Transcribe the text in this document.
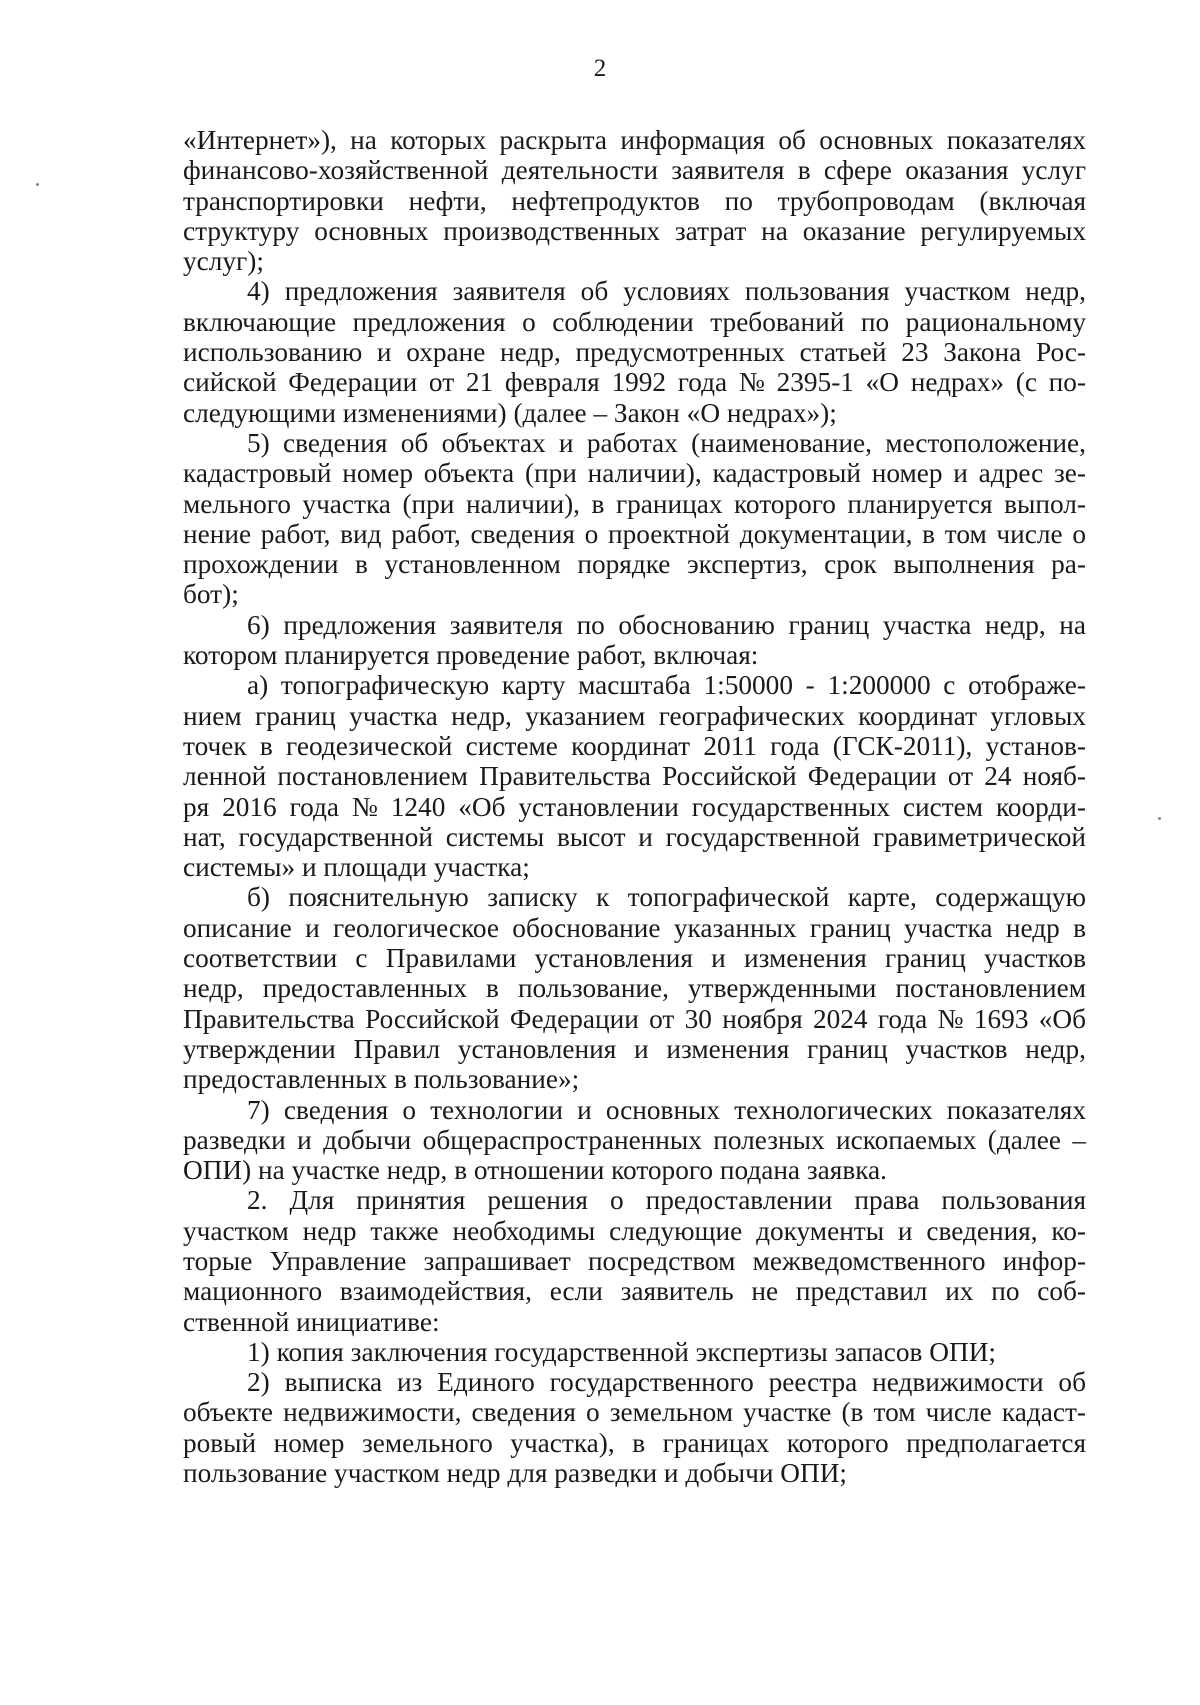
2

«Интернет»), на которых раскрыта информация об основных показателях
финансово-хозяйственной деятельности заявителя в сфере оказания услуг
транспортировки нефти, нефтепродуктов по трубопроводам (включая
структуру основных производственных затрат на оказание регулируемых
услуг);

4) предложения заявителя об условиях пользования участком недр,
включающие предложения о соблюдении требований по рациональному
использованию и охране недр, предусмотренных статьей 23 Закона Рос-
сийской Федерации от 21 февраля 1992 года № 2395-1 «О недрах» (с по-
следующими изменениями) (далее – Закон «О недрах»);

5) сведения об объектах и работах (наименование, местоположение,
кадастровый номер объекта (при наличии), кадастровый номер и адрес зе-
мельного участка (при наличии), в границах которого планируется выпол-
нение работ, вид работ, сведения о проектной документации, в том числе о
прохождении в установленном порядке экспертиз, срок выполнения ра-
бот);

6) предложения заявителя по обоснованию границ участка недр, на
котором планируется проведение работ, включая:

а) топографическую карту масштаба 1:50000 - 1:200000 с отображе-
нием границ участка недр, указанием географических координат угловых
точек в геодезической системе координат 2011 года (ГСК-2011), установ-
ленной постановлением Правительства Российской Федерации от 24 нояб-
ря 2016 года № 1240 «Об установлении государственных систем коорди-
нат, государственной системы высот и государственной гравиметрической
системы» и площади участка;

б) пояснительную записку к топографической карте, содержащую
описание и геологическое обоснование указанных границ участка недр в
соответствии с Правилами установления и изменения границ участков
недр, предоставленных в пользование, утвержденными постановлением
Правительства Российской Федерации от 30 ноября 2024 года № 1693 «Об
утверждении Правил установления и изменения границ участков недр,
предоставленных в пользование»;

7) сведения о технологии и основных технологических показателях
разведки и добычи общераспространенных полезных ископаемых (далее –
ОПИ) на участке недр, в отношении которого подана заявка.

2. Для принятия решения о предоставлении права пользования
участком недр также необходимы следующие документы и сведения, ко-
торые Управление запрашивает посредством межведомственного инфор-
мационного взаимодействия, если заявитель не представил их по соб-
ственной инициативе:

1) копия заключения государственной экспертизы запасов ОПИ;

2) выписка из Единого государственного реестра недвижимости об
объекте недвижимости, сведения о земельном участке (в том числе кадаст-
ровый номер земельного участка), в границах которого предполагается
пользование участком недр для разведки и добычи ОПИ;
